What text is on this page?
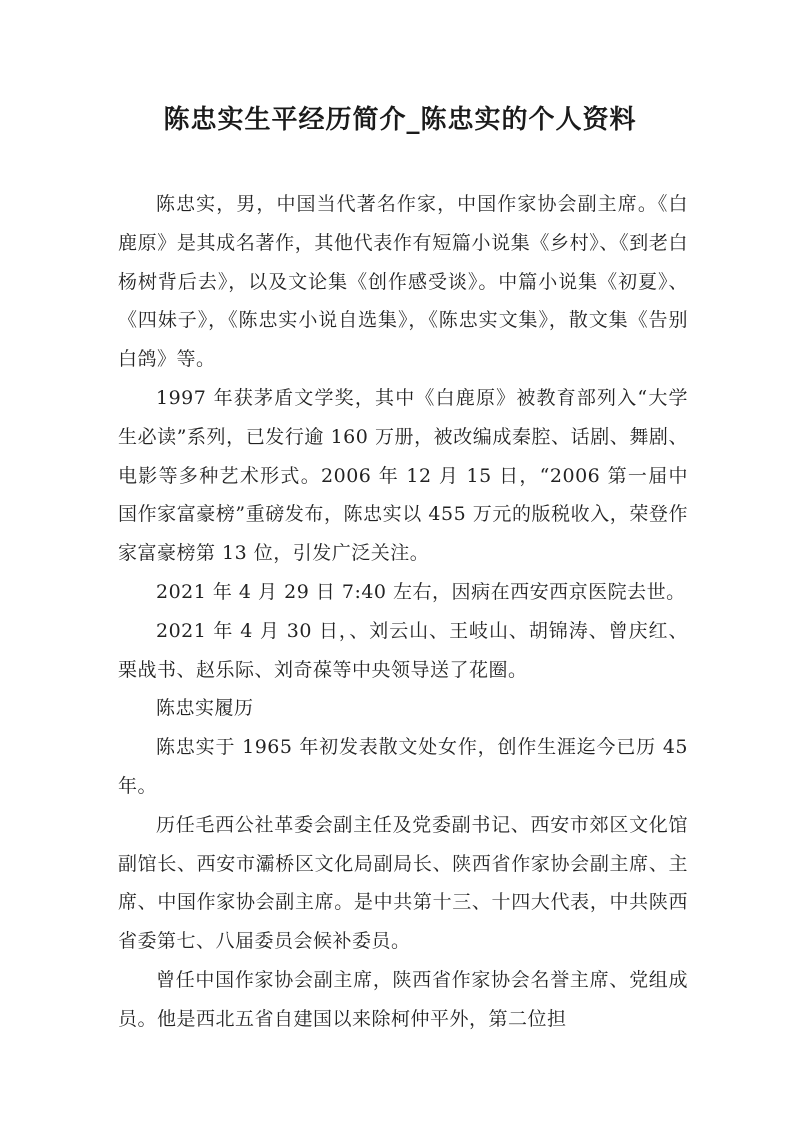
陈忠实生平经历简介_陈忠实的个人资料

陈忠实，男，中国当代著名作家，中国作家协会副主席。《白鹿原》是其成名著作，其他代表作有短篇小说集《乡村》、《到老白杨树背后去》，以及文论集《创作感受谈》。中篇小说集《初夏》、《四妹子》，《陈忠实小说自选集》，《陈忠实文集》，散文集《告别白鸽》等。

1997 年获茅盾文学奖，其中《白鹿原》被教育部列入“大学生必读”系列，已发行逾 160 万册，被改编成秦腔、话剧、舞剧、电影等多种艺术形式。2006 年 12 月 15 日，“2006 第一届中国作家富豪榜”重磅发布，陈忠实以 455 万元的版税收入，荣登作家富豪榜第 13 位，引发广泛关注。

2021 年 4 月 29 日 7:40 左右，因病在西安西京医院去世。

2021 年 4 月 30 日，、刘云山、王岐山、胡锦涛、曾庆红、栗战书、赵乐际、刘奇葆等中央领导送了花圈。

陈忠实履历

陈忠实于 1965 年初发表散文处女作，创作生涯迄今已历 45 年。

历任毛西公社革委会副主任及党委副书记、西安市郊区文化馆副馆长、西安市灞桥区文化局副局长、陕西省作家协会副主席、主席、中国作家协会副主席。是中共第十三、十四大代表，中共陕西省委第七、八届委员会候补委员。

曾任中国作家协会副主席，陕西省作家协会名誉主席、党组成员。他是西北五省自建国以来除柯仲平外，第二位担
